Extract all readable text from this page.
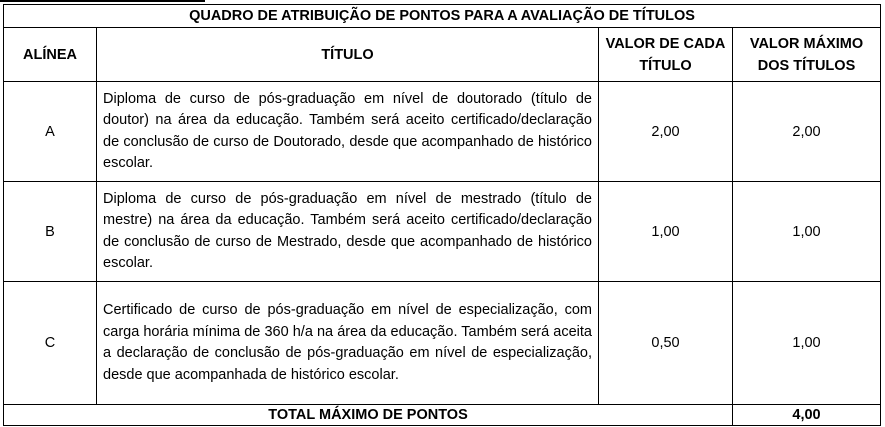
QUADRO DE ATRIBUIÇÃO DE PONTOS PARA A AVALIAÇÃO DE TÍTULOS			
ALÍNEA	TÍTULO	VALOR DE CADA TÍTULO	VALOR MÁXIMO DOS TÍTULOS
A	Diploma de curso de pós-graduação em nível de doutorado (título de doutor) na área da educação. Também será aceito certificado/declaração de conclusão de curso de Doutorado, desde que acompanhado de histórico escolar.	2,00	2,00
B	Diploma de curso de pós-graduação em nível de mestrado (título de mestre) na área da educação. Também será aceito certificado/declaração de conclusão de curso de Mestrado, desde que acompanhado de histórico escolar.	1,00	1,00
C	Certificado de curso de pós-graduação em nível de especialização, com carga horária mínima de 360 h/a na área da educação. Também será aceita a declaração de conclusão de pós-graduação em nível de especialização, desde que acompanhada de histórico escolar.	0,50	1,00
TOTAL MÁXIMO DE PONTOS			4,00
